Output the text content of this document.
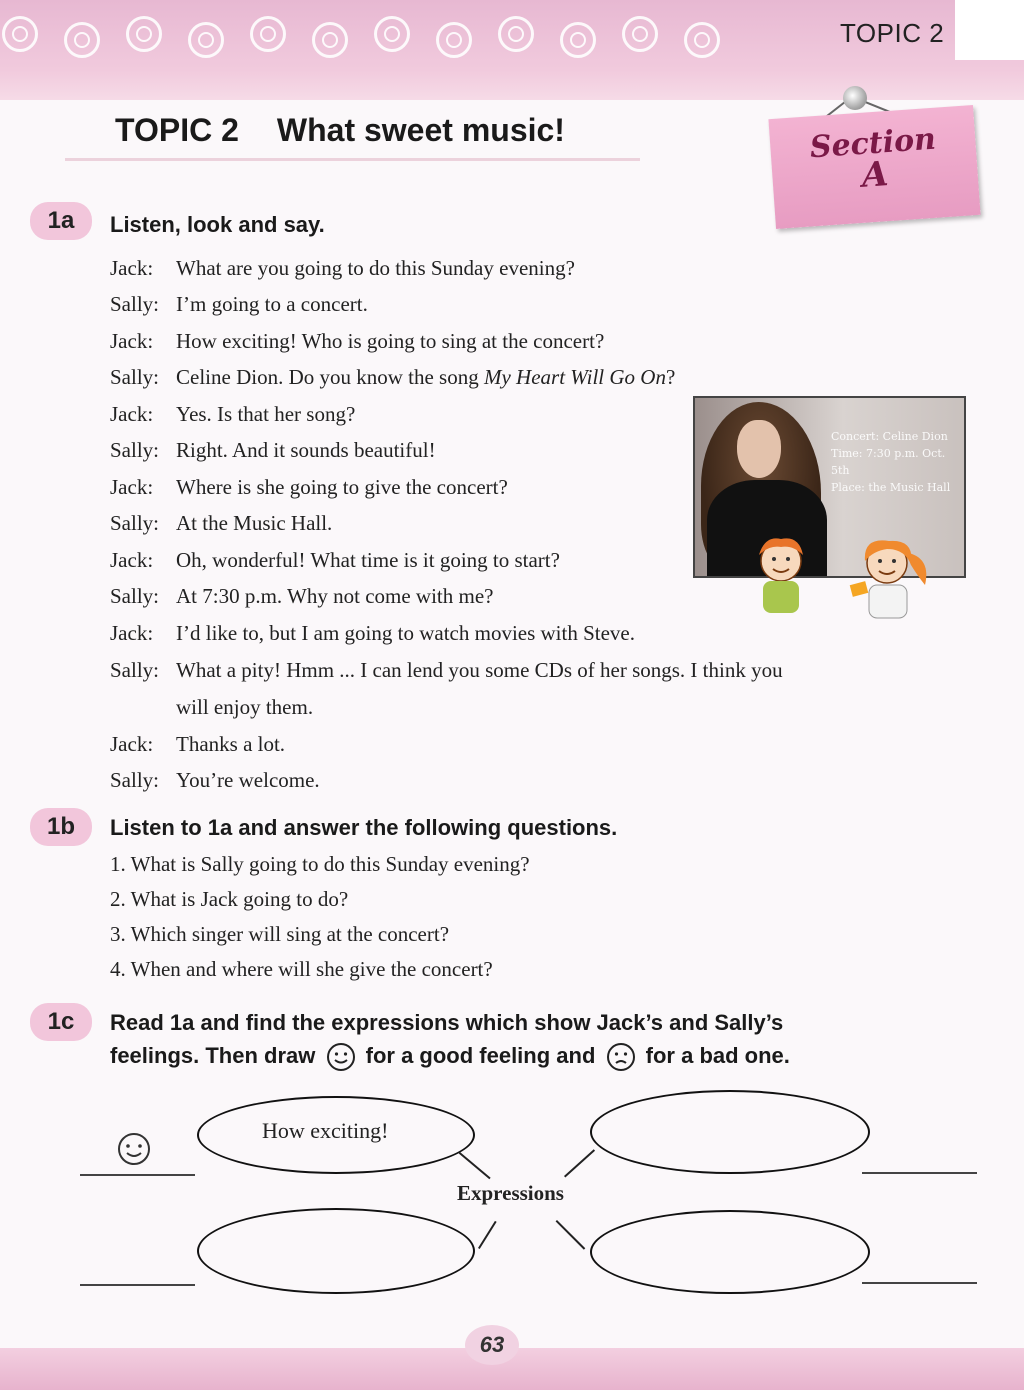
TOPIC 2
TOPIC 2 What sweet music!	Section
A
1a	Listen, look and say.
Jack: What are you going to do this Sunday evening?
Sally: I’m going to a concert.
Jack: How exciting! Who is going to sing at the concert?
Sally: Celine Dion. Do you know the song My Heart Will Go On?
Jack: Yes. Is that her song?
Sally: Right. And it sounds beautiful!
Jack: Where is she going to give the concert?
Sally: At the Music Hall.
Jack: Oh, wonderful! What time is it going to start?
Sally: At 7:30 p.m. Why not come with me?
Jack: I’d like to, but I am going to watch movies with Steve.
Sally: What a pity! Hmm ... I can lend you some CDs of her songs. I think you
will enjoy them.
Jack: Thanks a lot.
Sally: You’re welcome.
Concert: Celine Dion
Time: 7:30 p.m. Oct. 5th
Place: the Music Hall
1b	Listen to 1a and answer the following questions.
1. What is Sally going to do this Sunday evening?
2. What is Jack going to do?
3. Which singer will sing at the concert?
4. When and where will she give the concert?
1c	Read 1a and find the expressions which show Jack’s and Sally’s
feelings. Then draw for a good feeling and for a bad one.
How exciting!
Expressions
63
